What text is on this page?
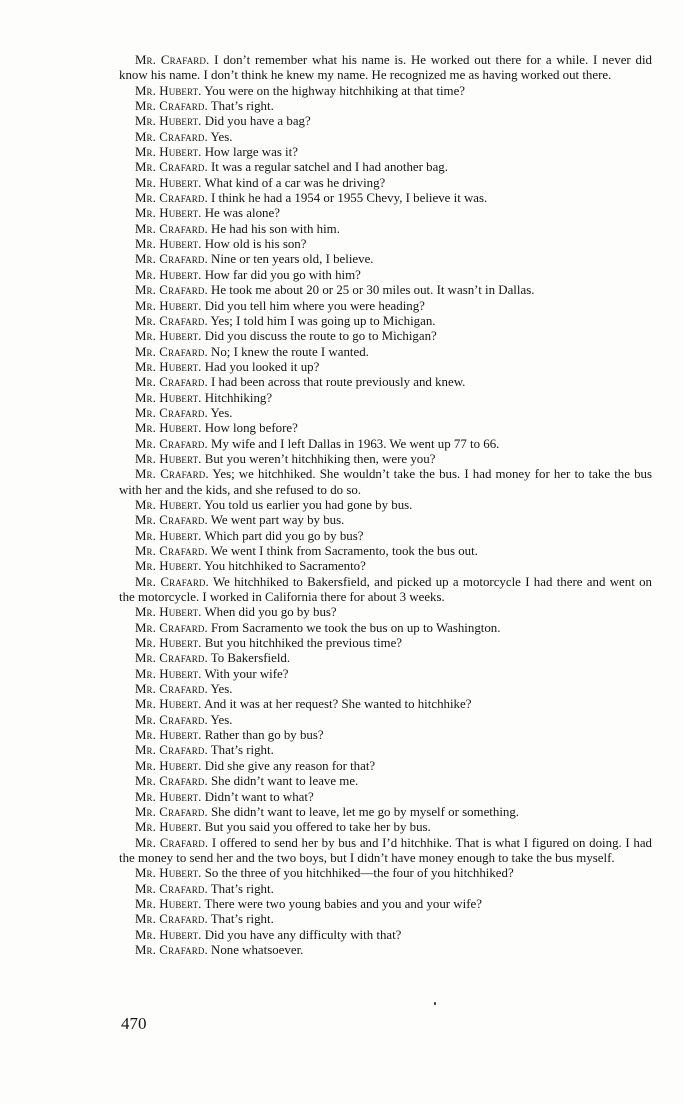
Mr. Crafard. I don’t remember what his name is. He worked out there for a while. I never did know his name. I don’t think he knew my name. He recognized me as having worked out there.

Mr. Hubert. You were on the highway hitchhiking at that time?

Mr. Crafard. That’s right.

Mr. Hubert. Did you have a bag?

Mr. Crafard. Yes.

Mr. Hubert. How large was it?

Mr. Crafard. It was a regular satchel and I had another bag.

Mr. Hubert. What kind of a car was he driving?

Mr. Crafard. I think he had a 1954 or 1955 Chevy, I believe it was.

Mr. Hubert. He was alone?

Mr. Crafard. He had his son with him.

Mr. Hubert. How old is his son?

Mr. Crafard. Nine or ten years old, I believe.

Mr. Hubert. How far did you go with him?

Mr. Crafard. He took me about 20 or 25 or 30 miles out. It wasn’t in Dallas.

Mr. Hubert. Did you tell him where you were heading?

Mr. Crafard. Yes; I told him I was going up to Michigan.

Mr. Hubert. Did you discuss the route to go to Michigan?

Mr. Crafard. No; I knew the route I wanted.

Mr. Hubert. Had you looked it up?

Mr. Crafard. I had been across that route previously and knew.

Mr. Hubert. Hitchhiking?

Mr. Crafard. Yes.

Mr. Hubert. How long before?

Mr. Crafard. My wife and I left Dallas in 1963. We went up 77 to 66.

Mr. Hubert. But you weren’t hitchhiking then, were you?

Mr. Crafard. Yes; we hitchhiked. She wouldn’t take the bus. I had money for her to take the bus with her and the kids, and she refused to do so.

Mr. Hubert. You told us earlier you had gone by bus.

Mr. Crafard. We went part way by bus.

Mr. Hubert. Which part did you go by bus?

Mr. Crafard. We went I think from Sacramento, took the bus out.

Mr. Hubert. You hitchhiked to Sacramento?

Mr. Crafard. We hitchhiked to Bakersfield, and picked up a motorcycle I had there and went on the motorcycle. I worked in California there for about 3 weeks.

Mr. Hubert. When did you go by bus?

Mr. Crafard. From Sacramento we took the bus on up to Washington.

Mr. Hubert. But you hitchhiked the previous time?

Mr. Crafard. To Bakersfield.

Mr. Hubert. With your wife?

Mr. Crafard. Yes.

Mr. Hubert. And it was at her request? She wanted to hitchhike?

Mr. Crafard. Yes.

Mr. Hubert. Rather than go by bus?

Mr. Crafard. That’s right.

Mr. Hubert. Did she give any reason for that?

Mr. Crafard. She didn’t want to leave me.

Mr. Hubert. Didn’t want to what?

Mr. Crafard. She didn’t want to leave, let me go by myself or something.

Mr. Hubert. But you said you offered to take her by bus.

Mr. Crafard. I offered to send her by bus and I’d hitchhike. That is what I figured on doing. I had the money to send her and the two boys, but I didn’t have money enough to take the bus myself.

Mr. Hubert. So the three of you hitchhiked—the four of you hitchhiked?

Mr. Crafard. That’s right.

Mr. Hubert. There were two young babies and you and your wife?

Mr. Crafard. That’s right.

Mr. Hubert. Did you have any difficulty with that?

Mr. Crafard. None whatsoever.

470
